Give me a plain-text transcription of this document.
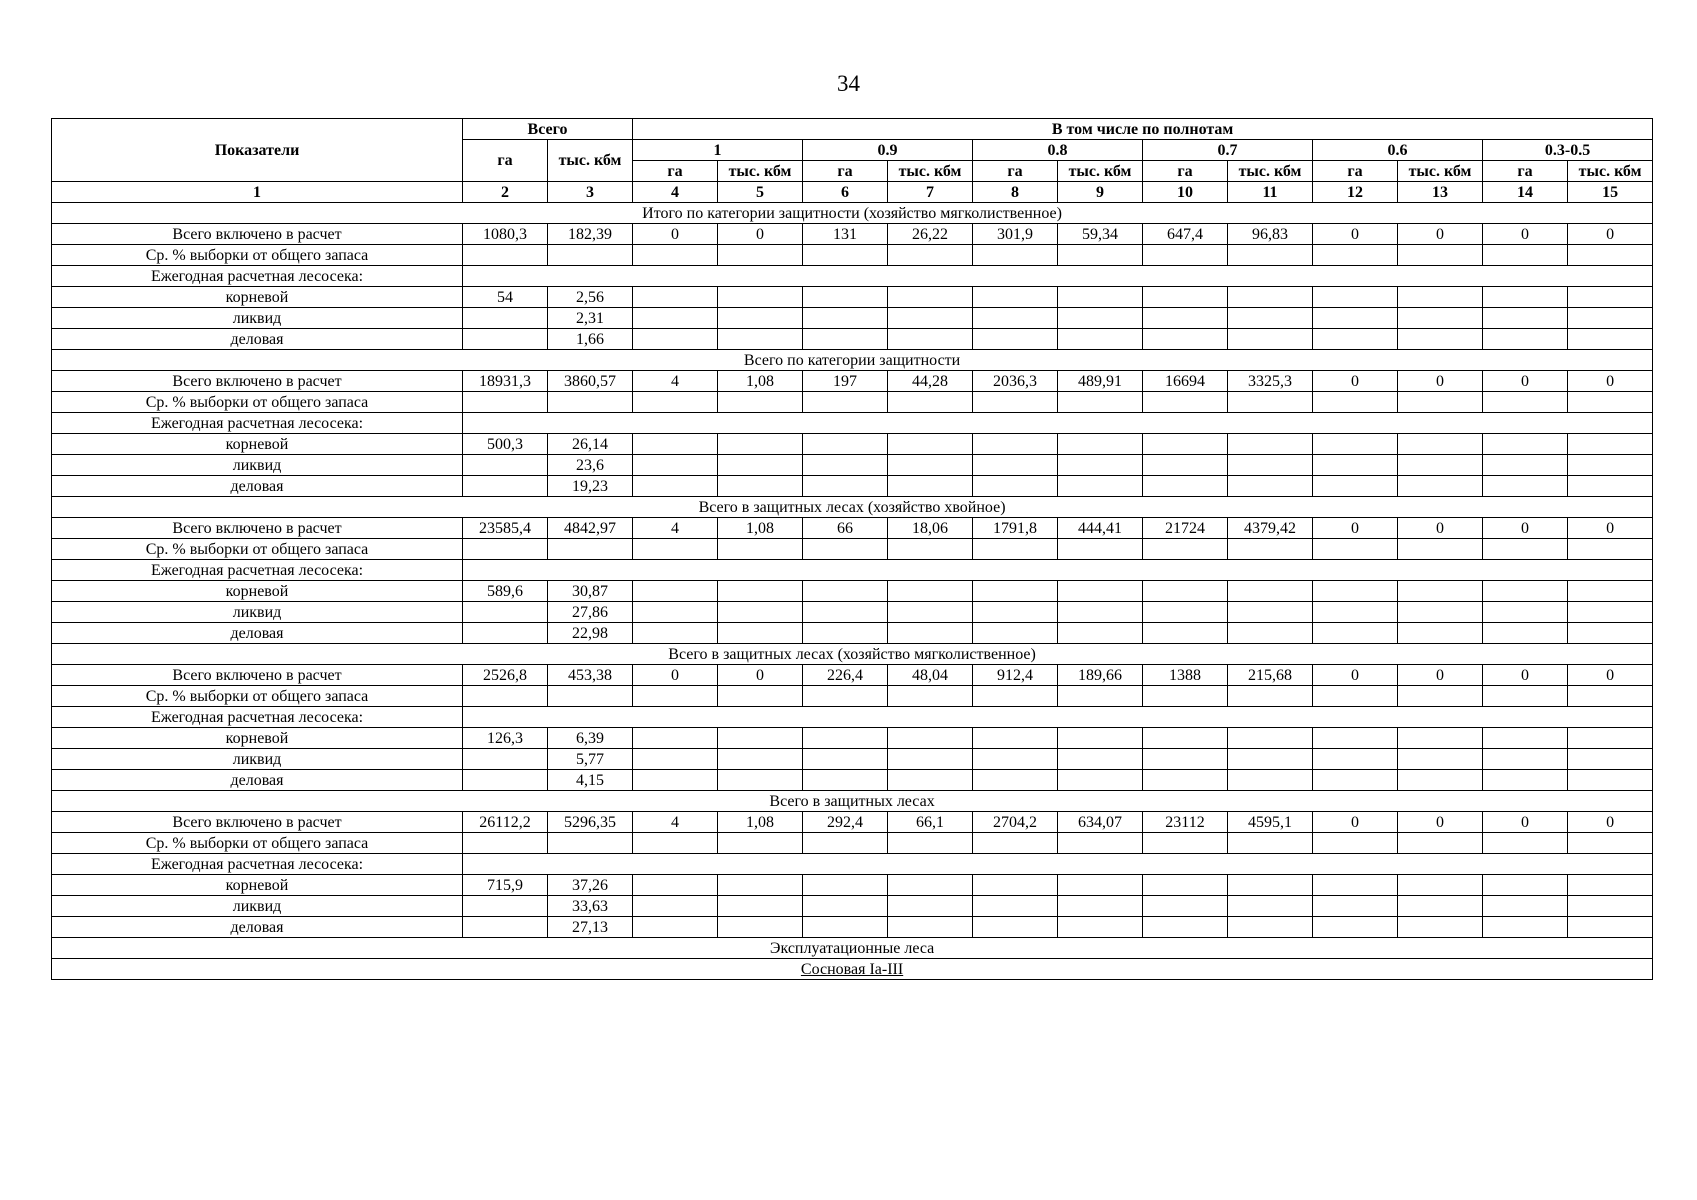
34
Показатели	Всего		В том числе по полнотам											
	га	тыс. кбм	1		0.9		0.8		0.7		0.6		0.3-0.5	
			га	тыс. кбм	га	тыс. кбм	га	тыс. кбм	га	тыс. кбм	га	тыс. кбм	га	тыс. кбм
1	2	3	4	5	6	7	8	9	10	11	12	13	14	15
Итого по категории защитности (хозяйство мягколиственное)														
Всего включено в расчет	1080,3	182,39	0	0	131	26,22	301,9	59,34	647,4	96,83	0	0	0	0
Ср. % выборки от общего запаса														
Ежегодная расчетная лесосека:														
корневой	54	2,56												
ликвид		2,31												
деловая		1,66												
Всего по категории защитности														
Всего включено в расчет	18931,3	3860,57	4	1,08	197	44,28	2036,3	489,91	16694	3325,3	0	0	0	0
Ср. % выборки от общего запаса														
Ежегодная расчетная лесосека:														
корневой	500,3	26,14												
ликвид		23,6												
деловая		19,23												
Всего в защитных лесах (хозяйство хвойное)														
Всего включено в расчет	23585,4	4842,97	4	1,08	66	18,06	1791,8	444,41	21724	4379,42	0	0	0	0
Ср. % выборки от общего запаса														
Ежегодная расчетная лесосека:														
корневой	589,6	30,87												
ликвид		27,86												
деловая		22,98												
Всего в защитных лесах (хозяйство мягколиственное)														
Всего включено в расчет	2526,8	453,38	0	0	226,4	48,04	912,4	189,66	1388	215,68	0	0	0	0
Ср. % выборки от общего запаса														
Ежегодная расчетная лесосека:														
корневой	126,3	6,39												
ликвид		5,77												
деловая		4,15												
Всего в защитных лесах														
Всего включено в расчет	26112,2	5296,35	4	1,08	292,4	66,1	2704,2	634,07	23112	4595,1	0	0	0	0
Ср. % выборки от общего запаса														
Ежегодная расчетная лесосека:														
корневой	715,9	37,26												
ликвид		33,63												
деловая		27,13												
Эксплуатационные леса														
Сосновая Ia-III														
